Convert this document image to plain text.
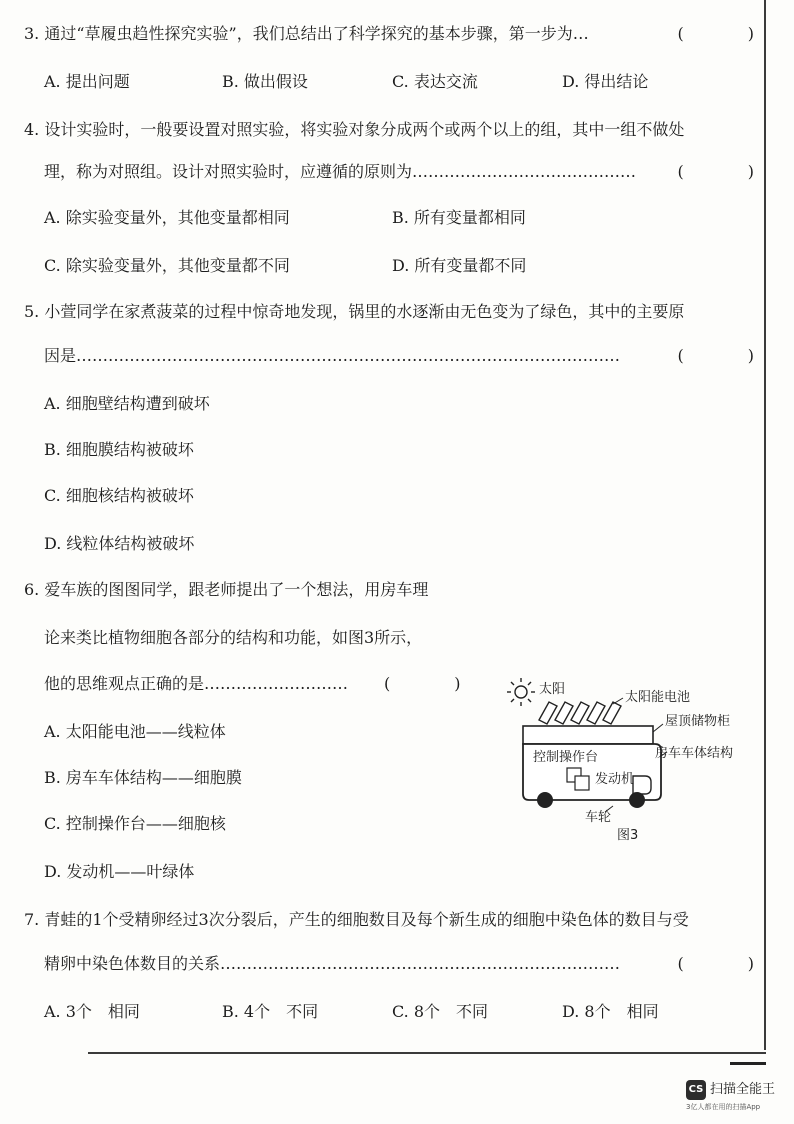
3. 通过“草履虫趋性探究实验”，我们总结出了科学探究的基本步骤，第一步为…	(　　　　)
A. 提出问题	B. 做出假设	C. 表达交流	D. 得出结论
4. 设计实验时，一般要设置对照实验，将实验对象分成两个或两个以上的组，其中一组不做处
理，称为对照组。设计对照实验时，应遵循的原则为……………………………………	(　　　　)
A. 除实验变量外，其他变量都相同	B. 所有变量都相同
C. 除实验变量外，其他变量都不同	D. 所有变量都不同
5. 小萱同学在家煮菠菜的过程中惊奇地发现，锅里的水逐渐由无色变为了绿色，其中的主要原
因是…………………………………………………………………………………………	(　　　　)
A. 细胞壁结构遭到破坏
B. 细胞膜结构被破坏
C. 细胞核结构被破坏
D. 线粒体结构被破坏
6. 爱车族的图图同学，跟老师提出了一个想法，用房车理
论来类比植物细胞各部分的结构和功能，如图3所示，
他的思维观点正确的是……………………… (　　　　)
A. 太阳能电池——线粒体
B. 房车车体结构——细胞膜
C. 控制操作台——细胞核
D. 发动机——叶绿体
太阳
太阳能电池
屋顶储物柜
房车车体结构
控制操作台
发动机
车轮
图3
7. 青蛙的1个受精卵经过3次分裂后，产生的细胞数目及每个新生成的细胞中染色体的数目与受
精卵中染色体数目的关系…………………………………………………………………	(　　　　)
A. 3个　相同	B. 4个　不同	C. 8个　不同	D. 8个　相同
CS 扫描全能王
3亿人都在用的扫描App
